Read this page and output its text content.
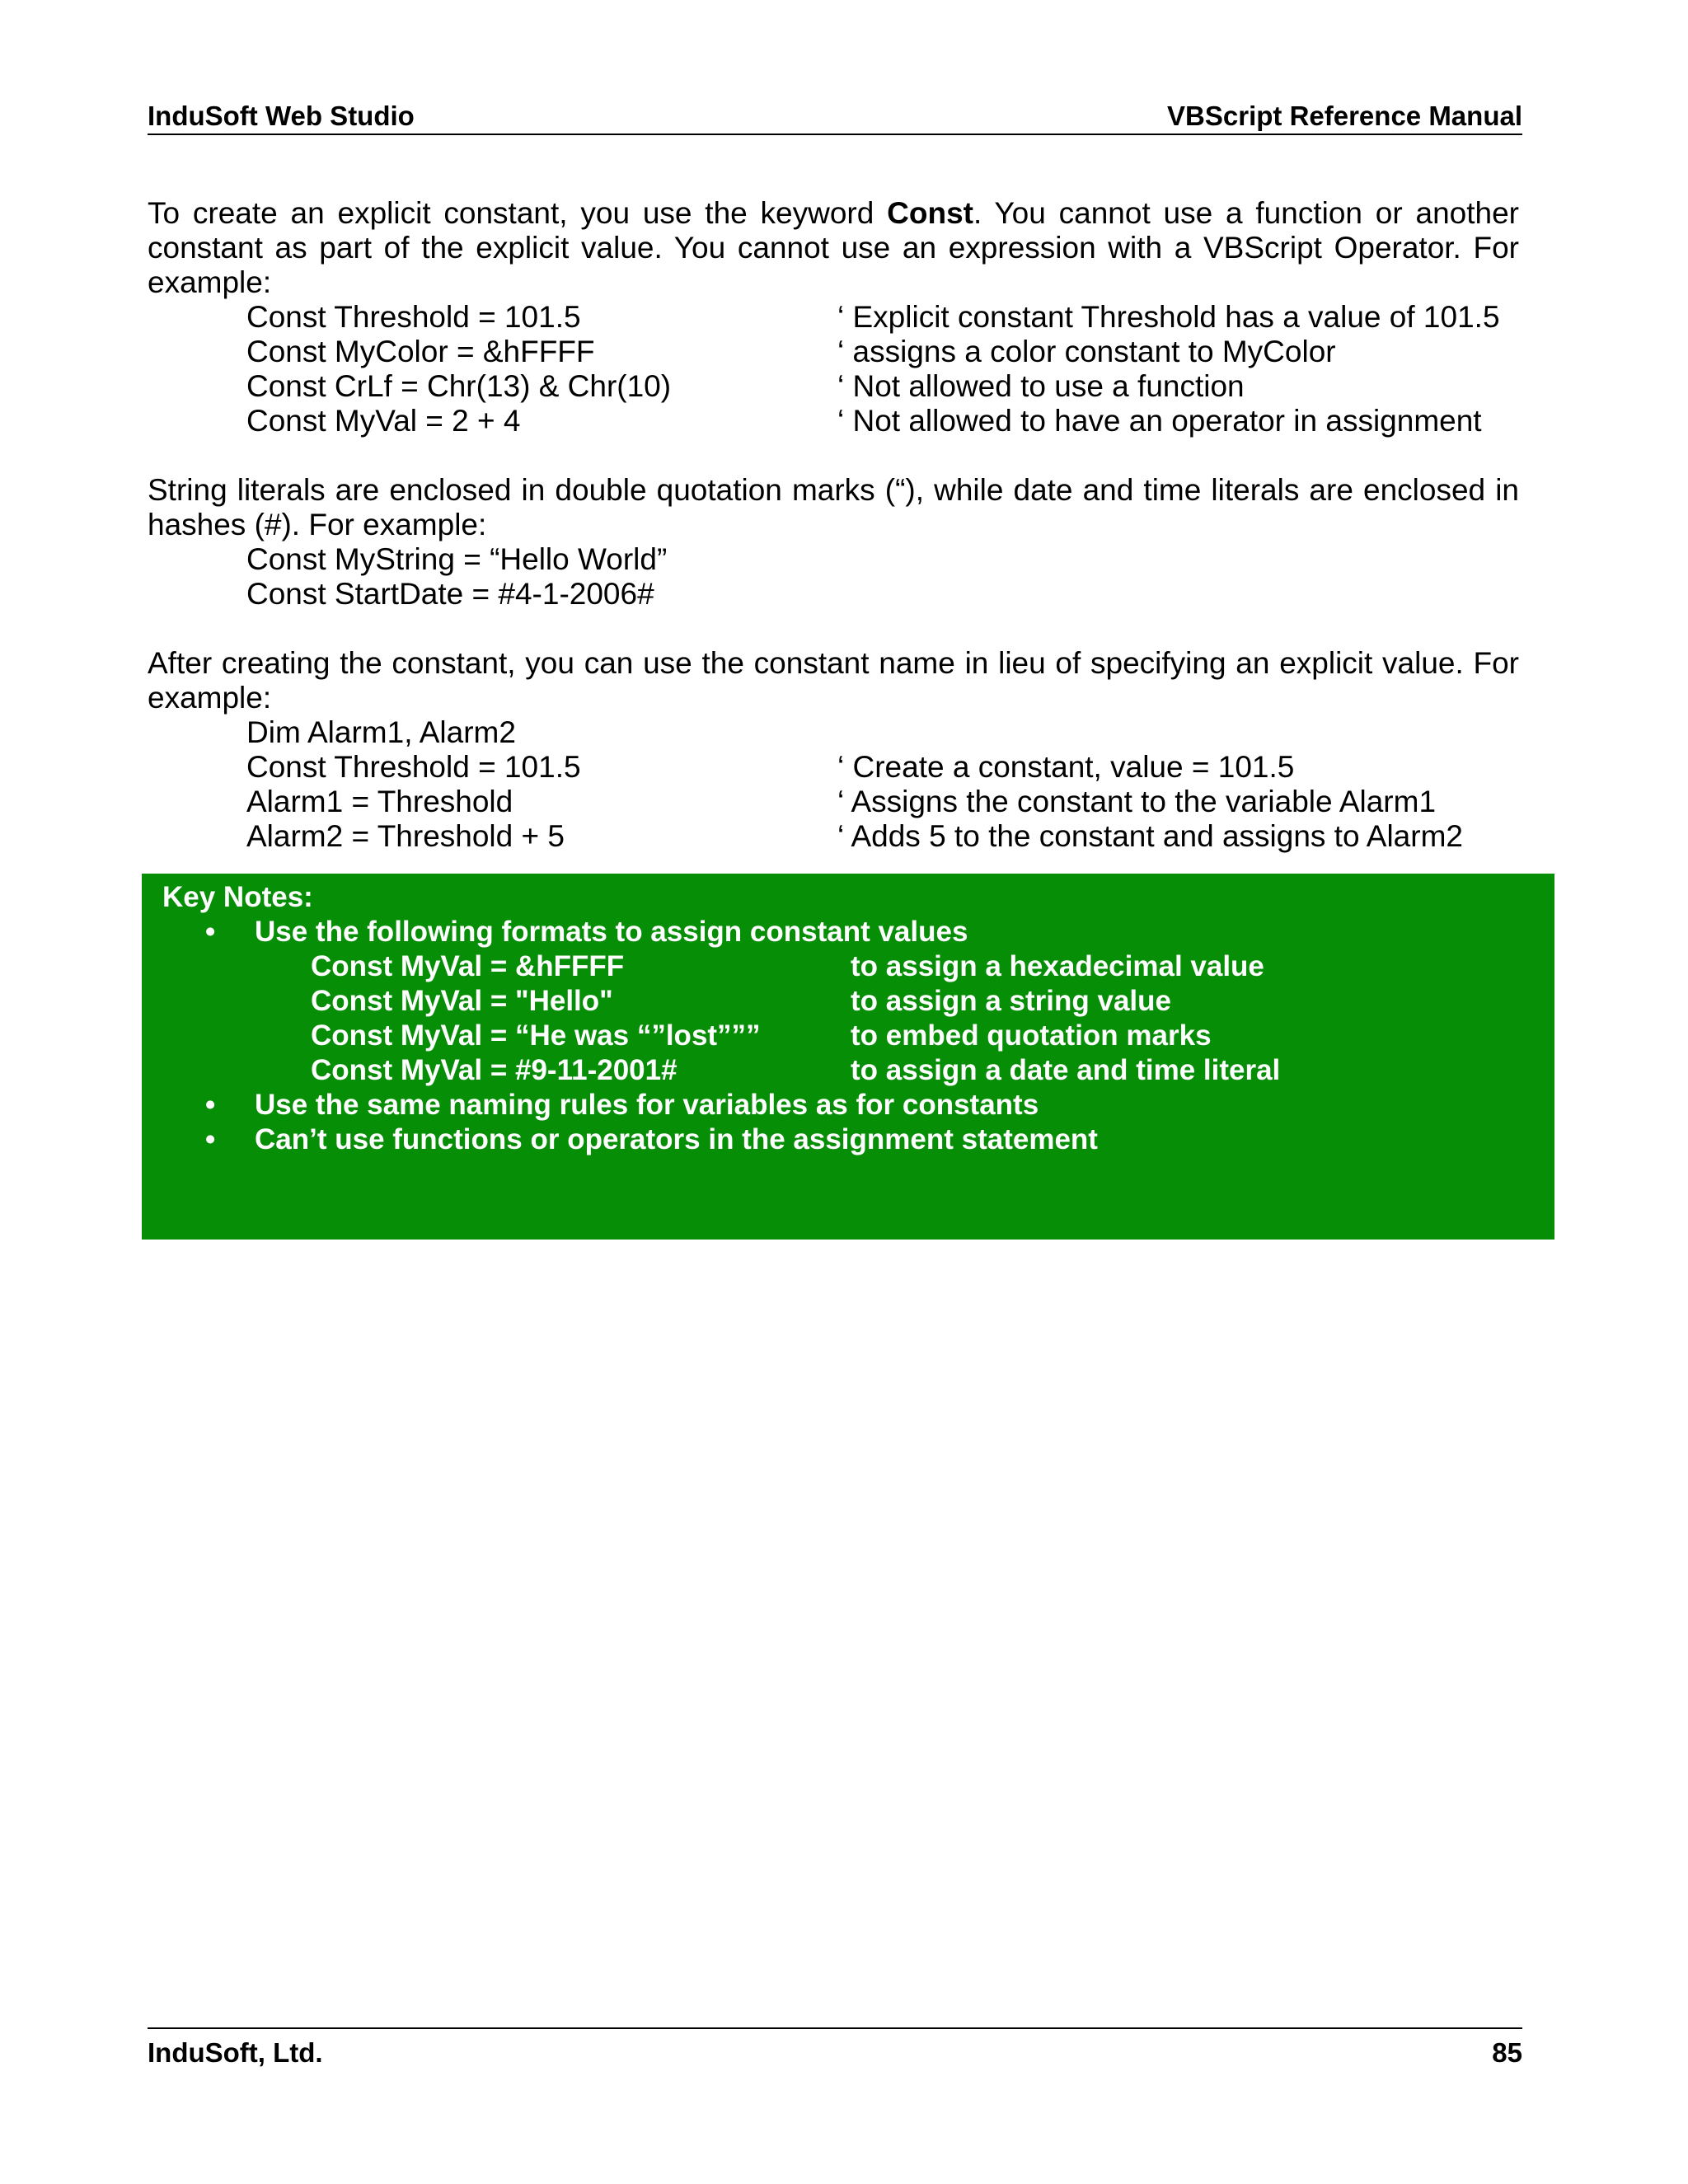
InduSoft Web Studio	VBScript Reference Manual
To create an explicit constant, you use the keyword Const. You cannot use a function or another constant as part of the explicit value. You cannot use an expression with a VBScript Operator. For example:
Const Threshold = 101.5	‘ Explicit constant Threshold has a value of 101.5
Const MyColor = &hFFFF	‘ assigns a color constant to MyColor
Const CrLf = Chr(13) & Chr(10)	‘ Not allowed to use a function
Const MyVal = 2 + 4	‘ Not allowed to have an operator in assignment
String literals are enclosed in double quotation marks (“), while date and time literals are enclosed in hashes (#). For example:
Const MyString = “Hello World”
Const StartDate = #4-1-2006#
After creating the constant, you can use the constant name in lieu of specifying an explicit value. For example:
Dim Alarm1, Alarm2
Const Threshold = 101.5	‘ Create a constant, value = 101.5
Alarm1 = Threshold	‘ Assigns the constant to the variable Alarm1
Alarm2 = Threshold + 5	‘ Adds 5 to the constant and assigns to Alarm2
Key Notes:
•	Use the following formats to assign constant values
Const MyVal = &hFFFF	to assign a hexadecimal value
Const MyVal = "Hello"	to assign a string value
Const MyVal = “He was “”lost”””	to embed quotation marks
Const MyVal = #9-11-2001#	to assign a date and time literal
•	Use the same naming rules for variables as for constants
•	Can’t use functions or operators in the assignment statement
InduSoft, Ltd.	85
